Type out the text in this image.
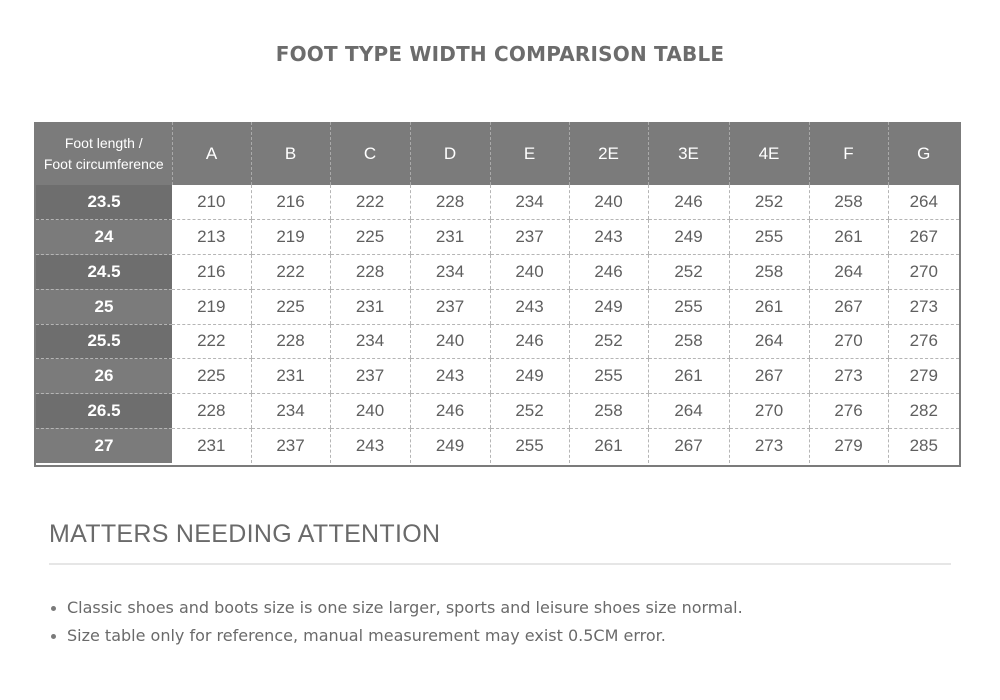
FOOT TYPE WIDTH COMPARISON TABLE
Foot length /
Foot circumference	A	B	C	D	E	2E	3E	4E	F	G
23.5	210	216	222	228	234	240	246	252	258	264
24	213	219	225	231	237	243	249	255	261	267
24.5	216	222	228	234	240	246	252	258	264	270
25	219	225	231	237	243	249	255	261	267	273
25.5	222	228	234	240	246	252	258	264	270	276
26	225	231	237	243	249	255	261	267	273	279
26.5	228	234	240	246	252	258	264	270	276	282
27	231	237	243	249	255	261	267	273	279	285
MATTERS NEEDING ATTENTION
Classic shoes and boots size is one size larger, sports and leisure shoes size normal.
Size table only for reference, manual measurement may exist 0.5CM error.
